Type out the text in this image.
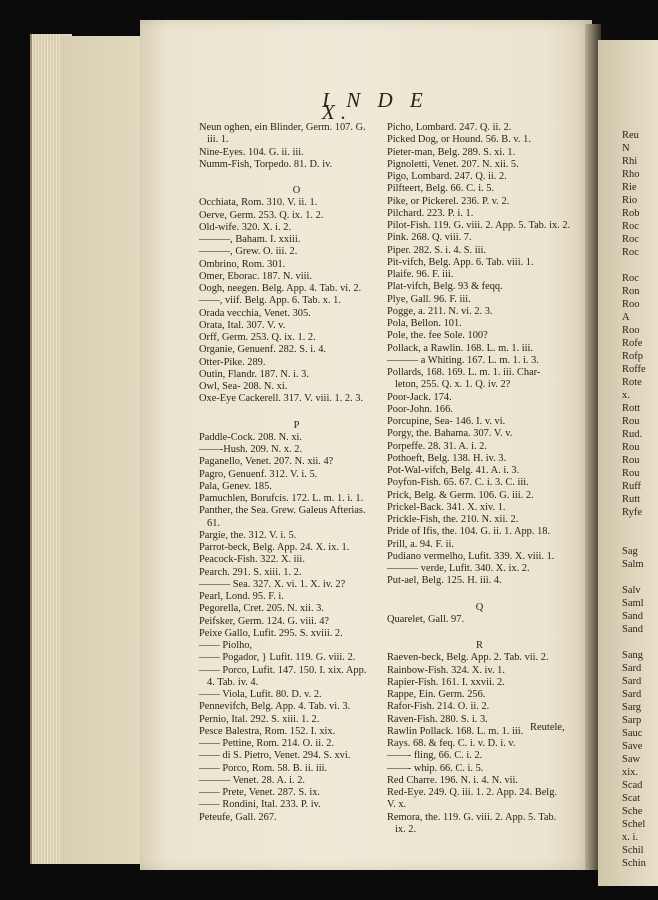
Reu
N
Rhi
Rho
Rie
Rio
Rob
Roc
Roc
Roc
Roc
Ron
Roo
A
Roo
Rofe
Rofp
Roffe
Rote
x.
Rott
Rou
Rud.
Rou
Rou
Rou
Ruff
Rutt
Ryfe
Sag
Salm
Salv
Saml
Sand
Sand
Sang
Sard
Sard
Sard
Sarg
Sarp
Sauc
Save
Saw
xix.
Scad
Scat
Sche
Schel
x. i.
Schil
Schin
I N D E X.
Neun oghen, ein Blinder, Germ. 107. G.
iii. 1.
Nine-Eyes. 104. G. ii. iii.
Numm-Fish, Torpedo. 81. D. iv.
O
Occhiata, Rom. 310. V. ii. 1.
Oerve, Germ. 253. Q. ix. 1. 2.
Old-wife. 320. X. i. 2.
———, Baham. I. xxiii.
———, Grew. O. iii. 2.
Ombrino, Rom. 301.
Omer, Eborac. 187. N. viii.
Oogh, neegen. Belg. App. 4. Tab. vi. 2.
——, viif. Belg. App. 6. Tab. x. 1.
Orada vecchia, Venet. 305.
Orata, Ital. 307. V. v.
Orff, Germ. 253. Q. ix. 1. 2.
Organie, Genuenf. 282. S. i. 4.
Otter-Pike. 289.
Outin, Flandr. 187. N. i. 3.
Owl, Sea- 208. N. xi.
Oxe-Eye Cackerell. 317. V. viii. 1. 2. 3.
P
Paddle-Cock. 208. N. xi.
——-Hush. 209. N. x. 2.
Paganello, Venet. 207. N. xii. 4?
Pagro, Genuenf. 312. V. i. 5.
Pala, Genev. 185.
Pamuchlen, Borufcis. 172. L. m. 1. i. 1.
Panther, the Sea. Grew. Galeus Afterias.
61.
Pargie, the. 312. V. i. 5.
Parrot-beck, Belg. App. 24. X. ix. 1.
Peacock-Fish. 322. X. iii.
Pearch. 291. S. xiii. 1. 2.
——— Sea. 327. X. vi. 1. X. iv. 2?
Pearl, Lond. 95. F. i.
Pegorella, Cret. 205. N. xii. 3.
Peifsker, Germ. 124. G. viii. 4?
Peixe Gallo, Lufit. 295. S. xviii. 2.
—— Piolho,
—— Pogador, } Lufit. 119. G. viii. 2.
—— Porco, Lufit. 147. 150. I. xix. App.
4. Tab. iv. 4.
—— Viola, Lufit. 80. D. v. 2.
Pennevifch, Belg. App. 4. Tab. vi. 3.
Pernio, Ital. 292. S. xiii. 1. 2.
Pesce Balestra, Rom. 152. I. xix.
—— Pettine, Rom. 214. O. ii. 2.
—— di S. Pietro, Venet. 294. S. xvi.
—— Porco, Rom. 58. B. ii. iii.
——— Venet. 28. A. i. 2.
—— Prete, Venet. 287. S. ix.
—— Rondini, Ital. 233. P. iv.
Peteufe, Gall. 267.
Picho, Lombard. 247. Q. ii. 2.
Picked Dog, or Hound. 56. B. v. 1.
Pieter-man, Belg. 289. S. xi. 1.
Pignoletti, Venet. 207. N. xii. 5.
Pigo, Lombard. 247. Q. ii. 2.
Pilfteert, Belg. 66. C. i. 5.
Pike, or Pickerel. 236. P. v. 2.
Pilchard. 223. P. i. 1.
Pilot-Fish. 119. G. viii. 2. App. 5. Tab. ix. 2.
Pink. 268. Q. viii. 7.
Piper. 282. S. i. 4. S. iii.
Pit-vifch, Belg. App. 6. Tab. viii. 1.
Plaife. 96. F. iii.
Plat-vifch, Belg. 93 & feqq.
Plye, Gall. 96. F. iii.
Pogge, a. 211. N. vi. 2. 3.
Pola, Bellon. 101.
Pole, the. fee Sole. 100?
Pollack, a Rawlin. 168. L. m. 1. iii.
——— a Whiting. 167. L. m. 1. i. 3.
Pollards, 168. 169. L. m. 1. iii. Char-
leton, 255. Q. x. 1. Q. iv. 2?
Poor-Jack. 174.
Poor-John. 166.
Porcupine, Sea- 146. I. v. vi.
Porgy, the. Bahama. 307. V. v.
Porpeffe. 28. 31. A. i. 2.
Pothoeft, Belg. 138. H. iv. 3.
Pot-Wal-vifch, Belg. 41. A. i. 3.
Poyfon-Fish. 65. 67. C. i. 3. C. iii.
Prick, Belg. & Germ. 106. G. iii. 2.
Prickel-Back. 341. X. xiv. 1.
Prickle-Fish, the. 210. N. xii. 2.
Pride of Ifis, the. 104. G. ii. 1. App. 18.
Prill, a. 94. F. ii.
Pudiano vermelho, Lufit. 339. X. viii. 1.
——— verde, Lufit. 340. X. ix. 2.
Put-ael, Belg. 125. H. iii. 4.
Q
Quarelet, Gall. 97.
R
Raeven-beck, Belg. App. 2. Tab. vii. 2.
Rainbow-Fish. 324. X. iv. 1.
Rapier-Fish. 161. I. xxvii. 2.
Rappe, Ein. Germ. 256.
Rafor-Fish. 214. O. ii. 2.
Raven-Fish. 280. S. i. 3.
Rawlin Pollack. 168. L. m. 1. iii.
Rays. 68. & feq. C. i. v. D. i. v.
——- fling, 66. C. i. 2.
——- whip. 66. C. i. 5.
Red Charre. 196. N. i. 4. N. vii.
Red-Eye. 249. Q. iii. 1. 2. App. 24. Belg.
V. x.
Remora, the. 119. G. viii. 2. App. 5. Tab.
ix. 2.
Reutele,
